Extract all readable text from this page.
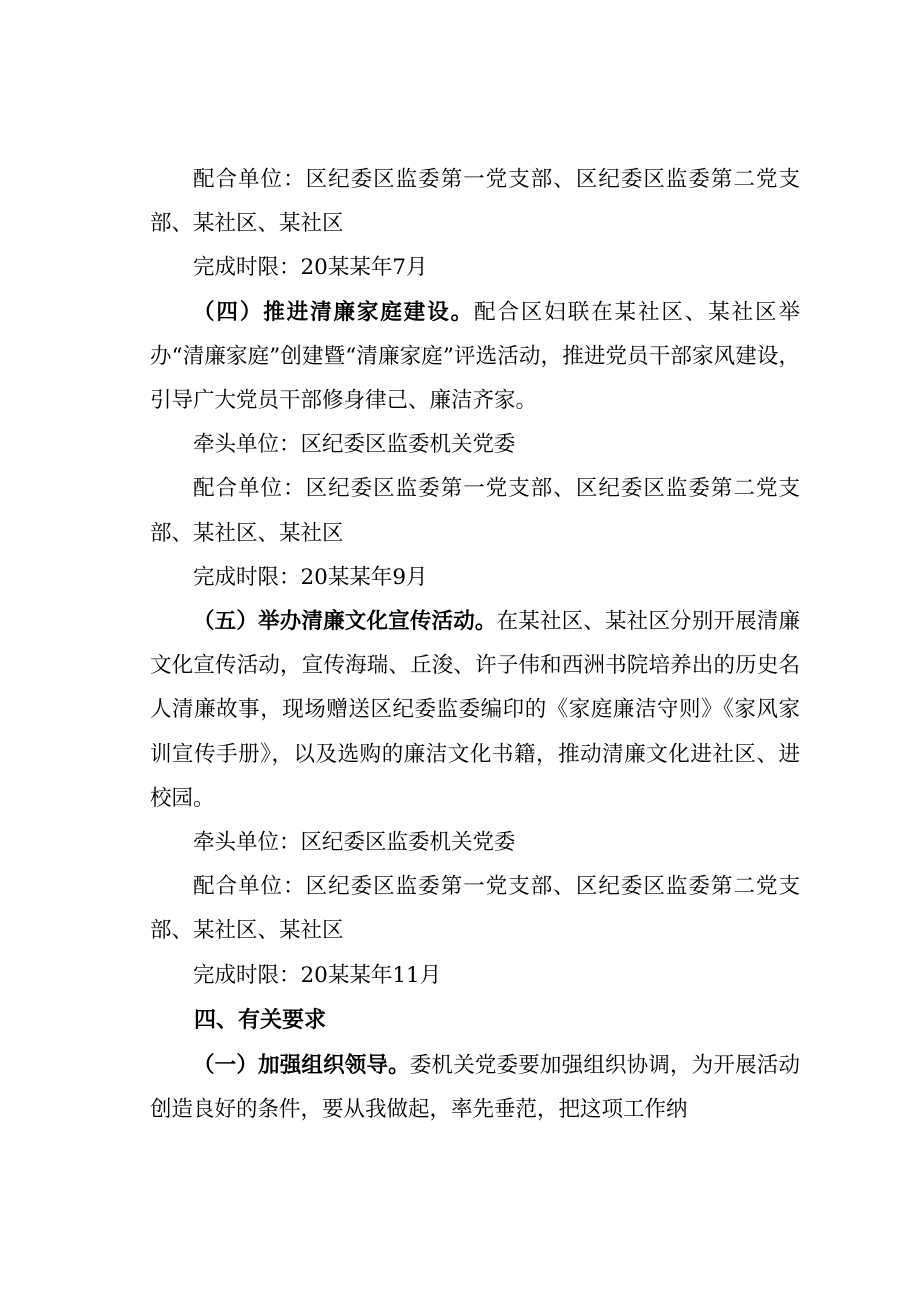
配合单位：区纪委区监委第一党支部、区纪委区监委第二党支部、某社区、某社区

完成时限：20某某年7月

（四）推进清廉家庭建设。配合区妇联在某社区、某社区举办“清廉家庭”创建暨“清廉家庭”评选活动，推进党员干部家风建设，引导广大党员干部修身律己、廉洁齐家。

牵头单位：区纪委区监委机关党委

配合单位：区纪委区监委第一党支部、区纪委区监委第二党支部、某社区、某社区

完成时限：20某某年9月

（五）举办清廉文化宣传活动。在某社区、某社区分别开展清廉文化宣传活动，宣传海瑞、丘浚、许子伟和西洲书院培养出的历史名人清廉故事，现场赠送区纪委监委编印的《家庭廉洁守则》《家风家训宣传手册》，以及选购的廉洁文化书籍，推动清廉文化进社区、进校园。

牵头单位：区纪委区监委机关党委

配合单位：区纪委区监委第一党支部、区纪委区监委第二党支部、某社区、某社区

完成时限：20某某年11月

四、有关要求

（一）加强组织领导。委机关党委要加强组织协调，为开展活动创造良好的条件，要从我做起，率先垂范，把这项工作纳
